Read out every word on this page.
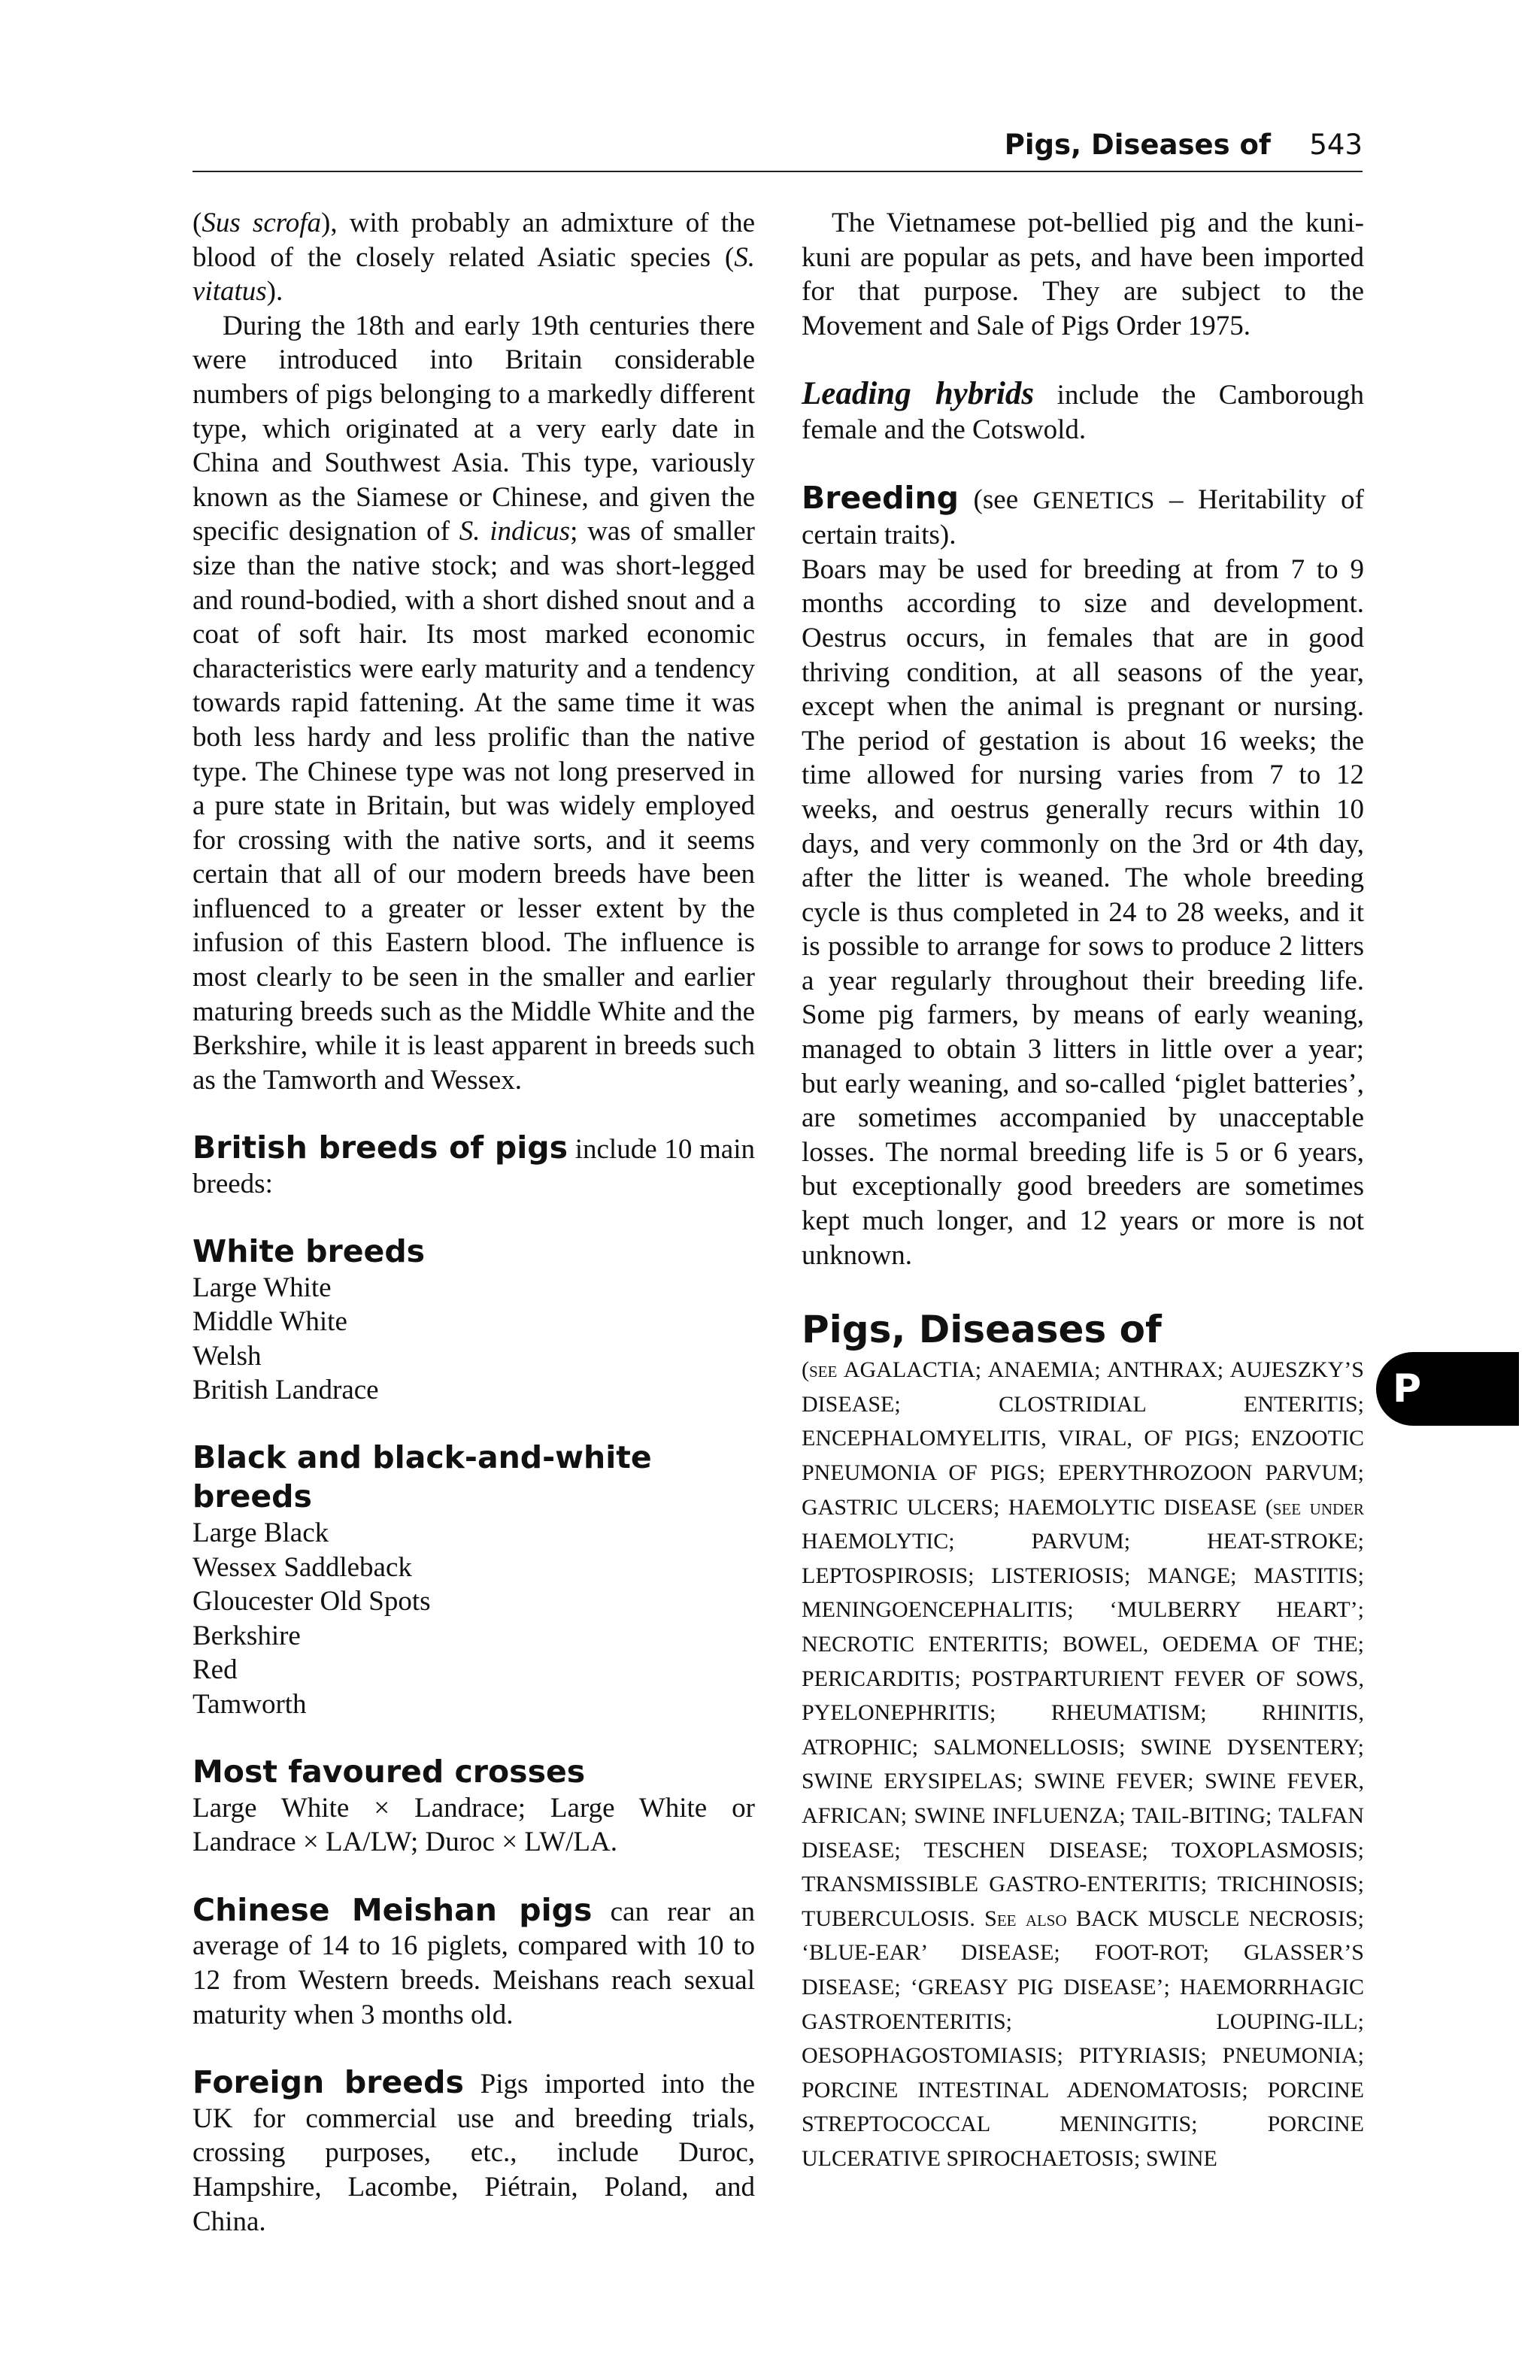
Pigs, Diseases of 543

(Sus scrofa), with probably an admixture of the blood of the closely related Asiatic species (S. vitatus).

During the 18th and early 19th centuries there were introduced into Britain considerable numbers of pigs belonging to a markedly different type, which originated at a very early date in China and Southwest Asia. This type, variously known as the Siamese or Chinese, and given the specific designation of S. indicus; was of smaller size than the native stock; and was short-legged and round-bodied, with a short dished snout and a coat of soft hair. Its most marked economic characteristics were early maturity and a tendency towards rapid fattening. At the same time it was both less hardy and less prolific than the native type. The Chinese type was not long preserved in a pure state in Britain, but was widely employed for crossing with the native sorts, and it seems certain that all of our modern breeds have been influenced to a greater or lesser extent by the infusion of this Eastern blood. The influence is most clearly to be seen in the smaller and earlier maturing breeds such as the Middle White and the Berkshire, while it is least apparent in breeds such as the Tamworth and Wessex.

British breeds of pigs include 10 main breeds:

White breeds
Large White
Middle White
Welsh
British Landrace
Black and black-and-white breeds
Large Black
Wessex Saddleback
Gloucester Old Spots
Berkshire
Red
Tamworth
Most favoured crosses

Large White × Landrace; Large White or Landrace × LA/LW; Duroc × LW/LA.

Chinese Meishan pigs can rear an average of 14 to 16 piglets, compared with 10 to 12 from Western breeds. Meishans reach sexual maturity when 3 months old.

Foreign breeds Pigs imported into the UK for commercial use and breeding trials, crossing purposes, etc., include Duroc, Hampshire, Lacombe, Piétrain, Poland, and China.

The Vietnamese pot-bellied pig and the kuni-kuni are popular as pets, and have been imported for that purpose. They are subject to the Movement and Sale of Pigs Order 1975.

Leading hybrids include the Camborough female and the Cotswold.

Breeding (see GENETICS – Heritability of certain traits).

Boars may be used for breeding at from 7 to 9 months according to size and development. Oestrus occurs, in females that are in good thriving condition, at all seasons of the year, except when the animal is pregnant or nursing. The period of gestation is about 16 weeks; the time allowed for nursing varies from 7 to 12 weeks, and oestrus generally recurs within 10 days, and very commonly on the 3rd or 4th day, after the litter is weaned. The whole breeding cycle is thus completed in 24 to 28 weeks, and it is possible to arrange for sows to produce 2 litters a year regularly throughout their breeding life. Some pig farmers, by means of early weaning, managed to obtain 3 litters in little over a year; but early weaning, and so-called ‘piglet batteries’, are sometimes accompanied by unacceptable losses. The normal breeding life is 5 or 6 years, but exceptionally good breeders are sometimes kept much longer, and 12 years or more is not unknown.

Pigs, Diseases of

(see AGALACTIA; ANAEMIA; ANTHRAX; AUJESZKY’S DISEASE; CLOSTRIDIAL ENTERITIS; ENCEPHALOMYELITIS, VIRAL, OF PIGS; ENZOOTIC PNEUMONIA OF PIGS; EPERYTHROZOON PARVUM; GASTRIC ULCERS; HAEMOLYTIC DISEASE (see under HAEMOLYTIC; PARVUM; HEAT-STROKE; LEPTOSPIROSIS; LISTERIOSIS; MANGE; MASTITIS; MENINGOENCEPHALITIS; ‘MULBERRY HEART’; NECROTIC ENTERITIS; BOWEL, OEDEMA OF THE; PERICARDITIS; POSTPARTURIENT FEVER OF SOWS, PYELONEPHRITIS; RHEUMATISM; RHINITIS, ATROPHIC; SALMONELLOSIS; SWINE DYSENTERY; SWINE ERYSIPELAS; SWINE FEVER; SWINE FEVER, AFRICAN; SWINE INFLUENZA; TAIL-BITING; TALFAN DISEASE; TESCHEN DISEASE; TOXOPLASMOSIS; TRANSMISSIBLE GASTRO-ENTERITIS; TRICHINOSIS; TUBERCULOSIS. See also BACK MUSCLE NECROSIS; ‘BLUE-EAR’ DISEASE; FOOT-ROT; GLASSER’S DISEASE; ‘GREASY PIG DISEASE’; HAEMORRHAGIC GASTROENTERITIS; LOUPING-ILL; OESOPHAGOSTOMIASIS; PITYRIASIS; PNEUMONIA; PORCINE INTESTINAL ADENOMATOSIS; PORCINE STREPTOCOCCAL MENINGITIS; PORCINE ULCERATIVE SPIROCHAETOSIS; SWINE

P
